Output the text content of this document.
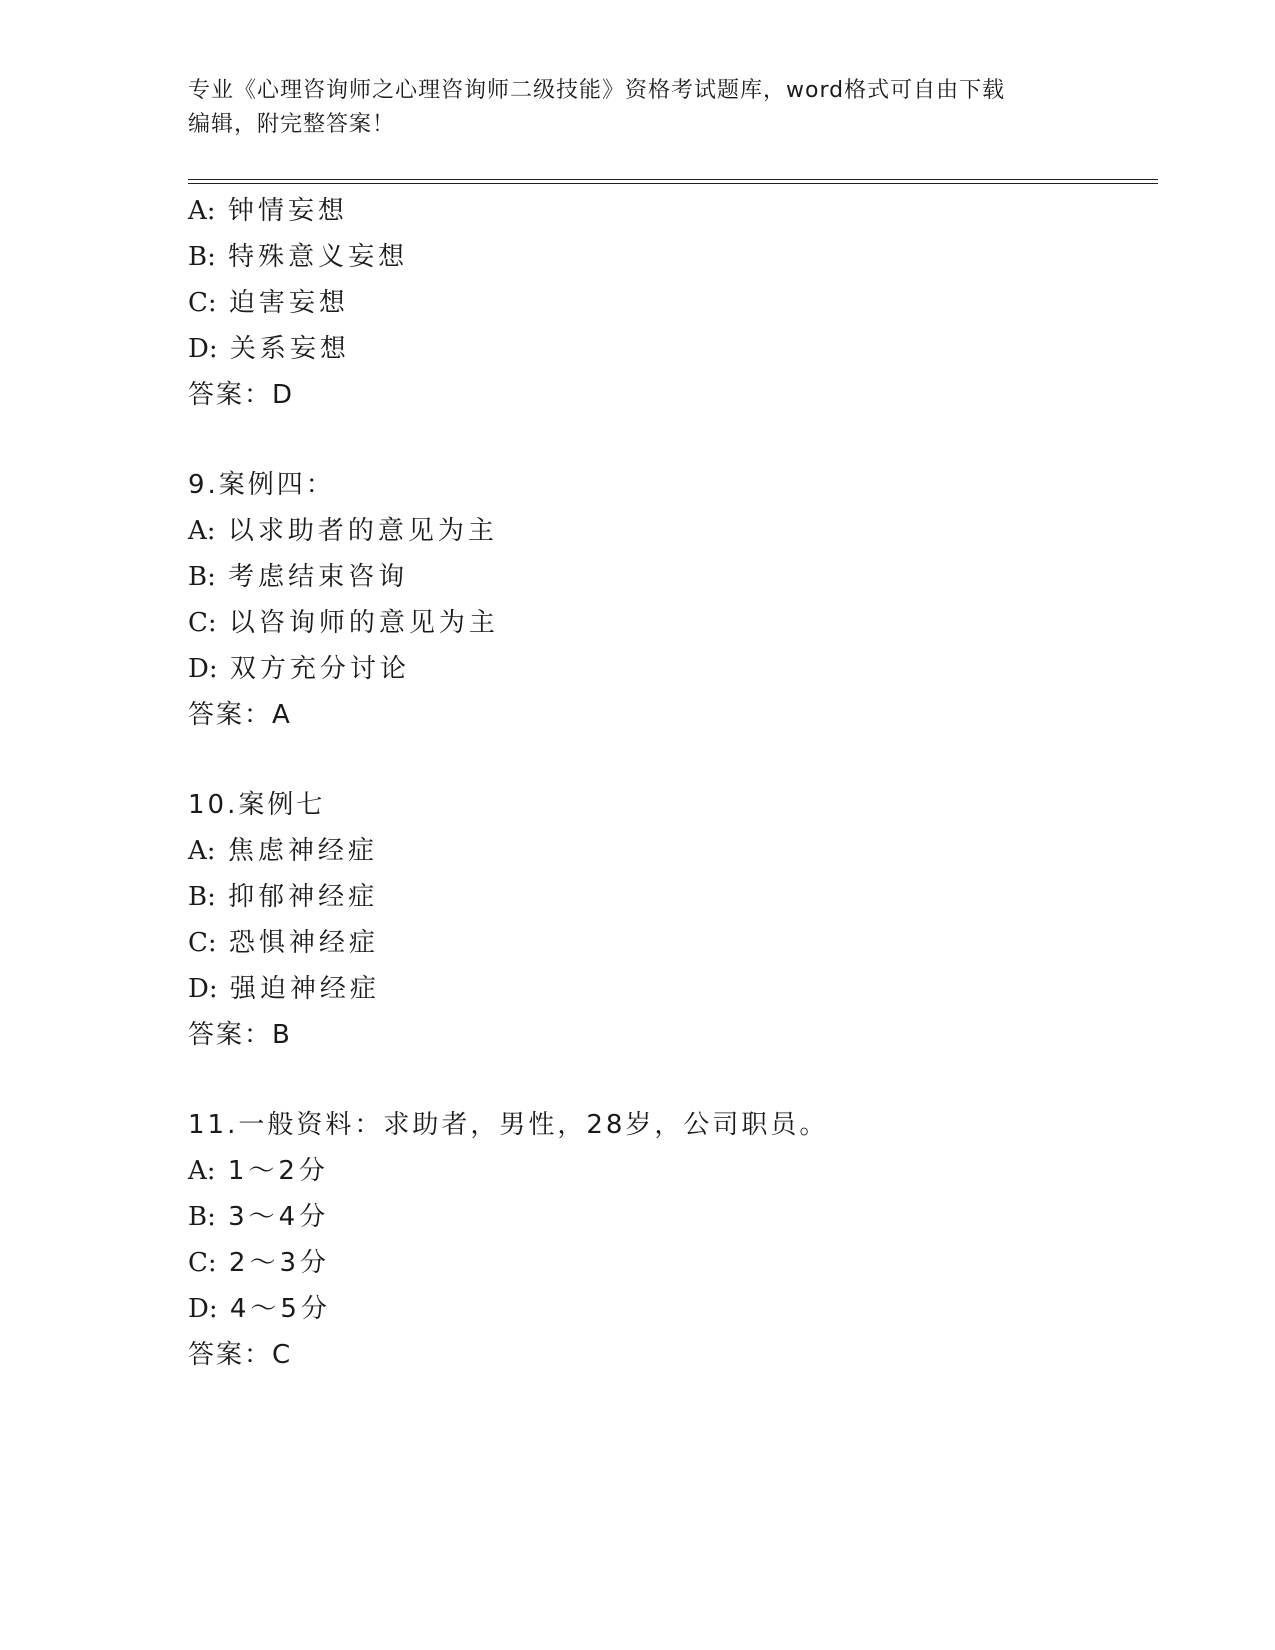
专业《心理咨询师之心理咨询师二级技能》资格考试题库，word格式可自由下载
编辑，附完整答案！
A: 钟情妄想
B: 特殊意义妄想
C: 迫害妄想
D: 关系妄想
答案：D
9.案例四：
A: 以求助者的意见为主
B: 考虑结束咨询
C: 以咨询师的意见为主
D: 双方充分讨论
答案：A
10.案例七
A: 焦虑神经症
B: 抑郁神经症
C: 恐惧神经症
D: 强迫神经症
答案：B
11.一般资料：求助者，男性，28岁，公司职员。
A: 1～2分
B: 3～4分
C: 2～3分
D: 4～5分
答案：C
